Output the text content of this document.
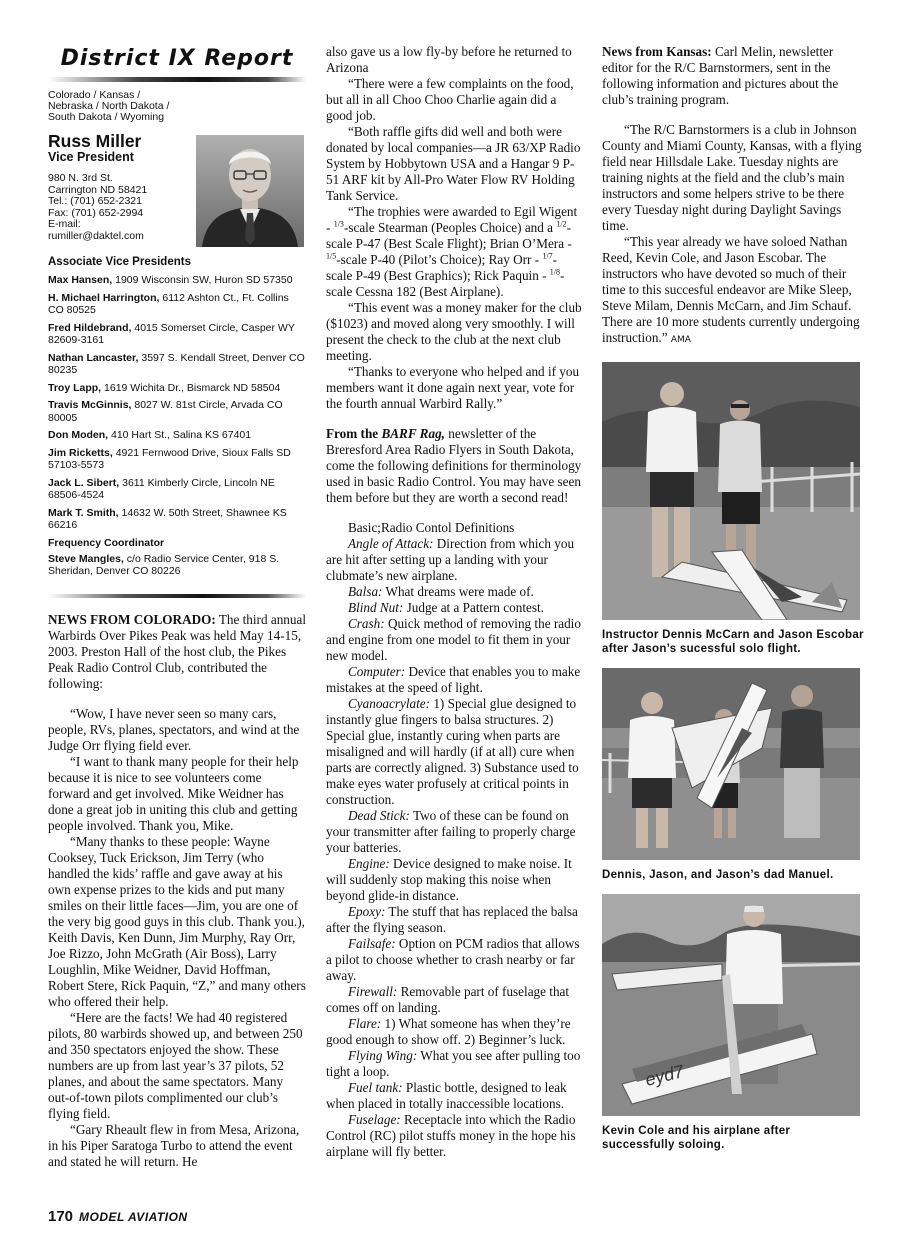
District IX Report
Colorado / Kansas / Nebraska / North Dakota / South Dakota / Wyoming
Russ Miller
Vice President
980 N. 3rd St.
Carrington ND 58421
Tel.: (701) 652-2321
Fax: (701) 652-2994
E-mail:
rumiller@daktel.com
Associate Vice Presidents
Max Hansen, 1909 Wisconsin SW, Huron SD 57350
H. Michael Harrington, 6112 Ashton Ct., Ft. Collins CO 80525
Fred Hildebrand, 4015 Somerset Circle, Casper WY 82609-3161
Nathan Lancaster, 3597 S. Kendall Street, Denver CO 80235
Troy Lapp, 1619 Wichita Dr., Bismarck ND 58504
Travis McGinnis, 8027 W. 81st Circle, Arvada CO 80005
Don Moden, 410 Hart St., Salina KS 67401
Jim Ricketts, 4921 Fernwood Drive, Sioux Falls SD 57103-5573
Jack L. Sibert, 3611 Kimberly Circle, Lincoln NE 68506-4524
Mark T. Smith, 14632 W. 50th Street, Shawnee KS 66216
Frequency Coordinator
Steve Mangles, c/o Radio Service Center, 918 S. Sheridan, Denver CO 80226
NEWS FROM COLORADO: The third annual Warbirds Over Pikes Peak was held May 14-15, 2003. Preston Hall of the host club, the Pikes Peak Radio Control Club, contributed the following:
“Wow, I have never seen so many cars, people, RVs, planes, spectators, and wind at the Judge Orr flying field ever.
“I want to thank many people for their help because it is nice to see volunteers come forward and get involved. Mike Weidner has done a great job in uniting this club and getting people involved. Thank you, Mike.
“Many thanks to these people: Wayne Cooksey, Tuck Erickson, Jim Terry (who handled the kids’ raffle and gave away at his own expense prizes to the kids and put many smiles on their little faces—Jim, you are one of the very big good guys in this club. Thank you.), Keith Davis, Ken Dunn, Jim Murphy, Ray Orr, Joe Rizzo, John McGrath (Air Boss), Larry Loughlin, Mike Weidner, David Hoffman, Robert Stere, Rick Paquin, “Z,” and many others who offered their help.
“Here are the facts! We had 40 registered pilots, 80 warbirds showed up, and between 250 and 350 spectators enjoyed the show. These numbers are up from last year’s 37 pilots, 52 planes, and about the same spectators. Many out-of-town pilots complimented our club’s flying field.
“Gary Rheault flew in from Mesa, Arizona, in his Piper Saratoga Turbo to attend the event and stated he will return. He
also gave us a low fly-by before he returned to Arizona
“There were a few complaints on the food, but all in all Choo Choo Charlie again did a good job.
“Both raffle gifts did well and both were donated by local companies—a JR 63/XP Radio System by Hobbytown USA and a Hangar 9 P-51 ARF kit by All-Pro Water Flow RV Holding Tank Service.
“The trophies were awarded to Egil Wigent - $^{1/3}$-scale Stearman (Peoples Choice) and a $^{1/2}$-scale P-47 (Best Scale Flight); Brian O’Mera - $^{1/5}$-scale P-40 (Pilot’s Choice); Ray Orr - $^{1/7}$-scale P-49 (Best Graphics); Rick Paquin - $^{1/8}$-scale Cessna 182 (Best Airplane).
“This event was a money maker for the club ($1023) and moved along very smoothly. I will present the check to the club at the next club meeting.
“Thanks to everyone who helped and if you members want it done again next year, vote for the fourth annual Warbird Rally.”
From the BARF Rag, newsletter of the Breresford Area Radio Flyers in South Dakota, come the following definitions for therminology used in basic Radio Control. You may have seen them before but they are worth a second read!
Basic;Radio Contol Definitions
Angle of Attack: Direction from which you are hit after setting up a landing with your clubmate’s new airplane.
Balsa: What dreams were made of.
Blind Nut: Judge at a Pattern contest.
Crash: Quick method of removing the radio and engine from one model to fit them in your new model.
Computer: Device that enables you to make mistakes at the speed of light.
Cyanoacrylate: 1) Special glue designed to instantly glue fingers to balsa structures. 2) Special glue, instantly curing when parts are misaligned and will hardly (if at all) cure when parts are correctly aligned. 3) Substance used to make eyes water profusely at critical points in construction.
Dead Stick: Two of these can be found on your transmitter after failing to properly charge your batteries.
Engine: Device designed to make noise. It will suddenly stop making this noise when beyond glide-in distance.
Epoxy: The stuff that has replaced the balsa after the flying season.
Failsafe: Option on PCM radios that allows a pilot to choose whether to crash nearby or far away.
Firewall: Removable part of fuselage that comes off on landing.
Flare: 1) What someone has when they’re good enough to show off. 2) Beginner’s luck.
Flying Wing: What you see after pulling too tight a loop.
Fuel tank: Plastic bottle, designed to leak when placed in totally inaccessible locations.
Fuselage: Receptacle into which the Radio Control (RC) pilot stuffs money in the hope his airplane will fly better.
News from Kansas: Carl Melin, newsletter editor for the R/C Barnstormers, sent in the following information and pictures about the club’s training program.
“The R/C Barnstormers is a club in Johnson County and Miami County, Kansas, with a flying field near Hillsdale Lake. Tuesday nights are training nights at the field and the club’s main instructors and some helpers strive to be there every Tuesday night during Daylight Savings time.
“This year already we have soloed Nathan Reed, Kevin Cole, and Jason Escobar. The instructors who have devoted so much of their time to this succesful endeavor are Mike Sleep, Steve Milam, Dennis McCarn, and Jim Schauf. There are 10 more students currently undergoing instruction.” AMA
Instructor Dennis McCarn and Jason Escobar after Jason’s sucessful solo flight.
Dennis, Jason, and Jason’s dad Manuel.
eyd7
Kevin Cole and his airplane after successfully soloing.
170 MODEL AVIATION
